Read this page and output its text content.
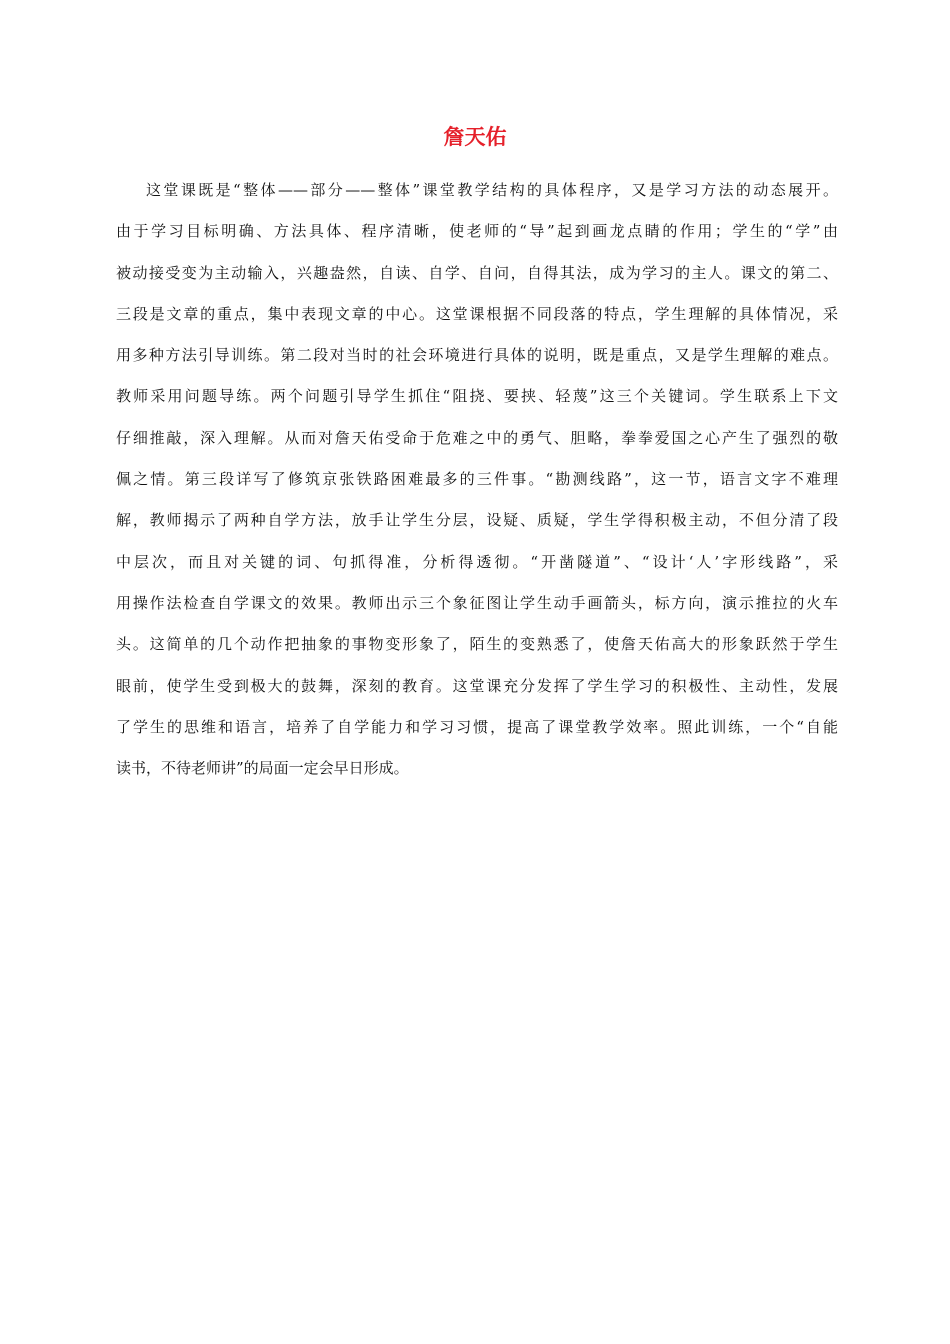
詹天佑
这堂课既是“整体——部分——整体”课堂教学结构的具体程序，又是学习方法的动态展开。
由于学习目标明确、方法具体、程序清晰，使老师的“导”起到画龙点睛的作用；学生的“学”由
被动接受变为主动输入，兴趣盎然，自读、自学、自问，自得其法，成为学习的主人。课文的第二、
三段是文章的重点，集中表现文章的中心。这堂课根据不同段落的特点，学生理解的具体情况，采
用多种方法引导训练。第二段对当时的社会环境进行具体的说明，既是重点，又是学生理解的难点。
教师采用问题导练。两个问题引导学生抓住“阻挠、要挟、轻蔑”这三个关键词。学生联系上下文
仔细推敲，深入理解。从而对詹天佑受命于危难之中的勇气、胆略，拳拳爱国之心产生了强烈的敬
佩之情。第三段详写了修筑京张铁路困难最多的三件事。“勘测线路”，这一节，语言文字不难理
解，教师揭示了两种自学方法，放手让学生分层，设疑、质疑，学生学得积极主动，不但分清了段
中层次，而且对关键的词、句抓得准，分析得透彻。“开凿隧道”、“设计‘人’字形线路”，采
用操作法检查自学课文的效果。教师出示三个象征图让学生动手画箭头，标方向，演示推拉的火车
头。这简单的几个动作把抽象的事物变形象了，陌生的变熟悉了，使詹天佑高大的形象跃然于学生
眼前，使学生受到极大的鼓舞，深刻的教育。这堂课充分发挥了学生学习的积极性、主动性，发展
了学生的思维和语言，培养了自学能力和学习习惯，提高了课堂教学效率。照此训练，一个“自能
读书，不待老师讲”的局面一定会早日形成。
